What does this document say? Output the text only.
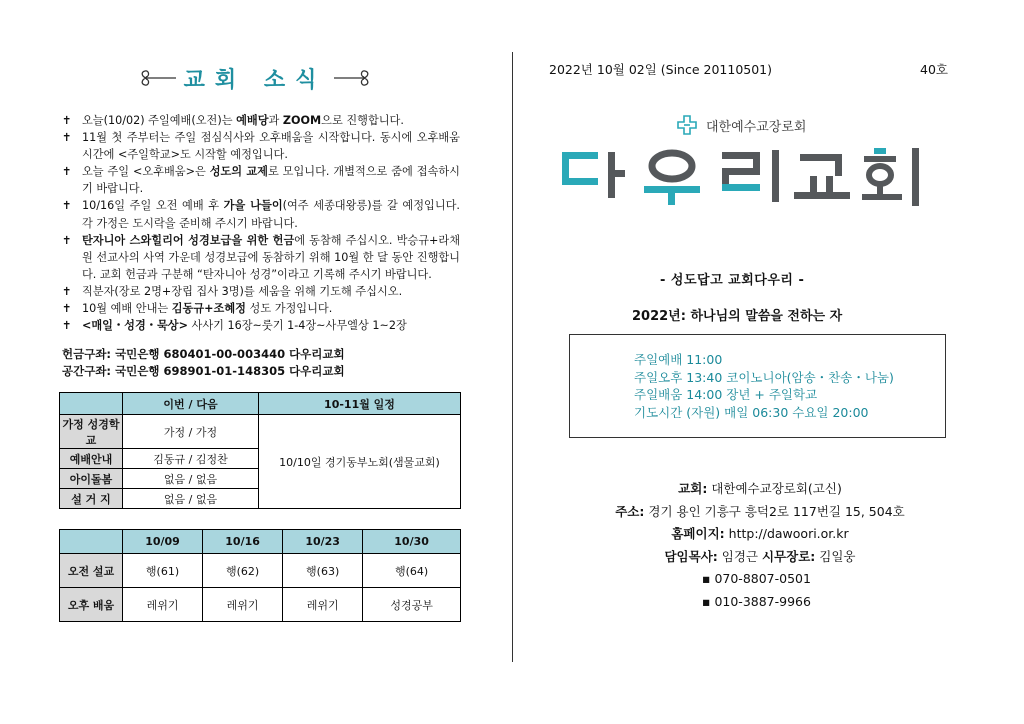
교회 소식
✝ 오늘(10/02) 주일예배(오전)는 예배당과 ZOOM으로 진행합니다.
✝ 11월 첫 주부터는 주일 점심식사와 오후배움을 시작합니다. 동시에 오후배움 시간에 <주일학교>도 시작할 예정입니다.
✝ 오늘 주일 <오후배움>은 성도의 교제로 모입니다. 개별적으로 줌에 접속하시기 바랍니다.
✝ 10/16일 주일 오전 예배 후 가을 나들이(여주 세종대왕릉)를 갈 예정입니다. 각 가정은 도시락을 준비해 주시기 바랍니다.
✝ 탄자니아 스와힐리어 성경보급을 위한 헌금에 동참해 주십시오. 박승규+라채원 선교사의 사역 가운데 성경보급에 동참하기 위해 10월 한 달 동안 진행합니다. 교회 헌금과 구분해 “탄자니아 성경”이라고 기록해 주시기 바랍니다.
✝ 직분자(장로 2명+장립 집사 3명)를 세움을 위해 기도해 주십시오.
✝ 10월 예배 안내는 김동규+조혜정 성도 가정입니다.
✝ <매일・성경・묵상> 사사기 16장~룻기 1-4장~사무엘상 1~2장
헌금구좌: 국민은행 680401-00-003440 다우리교회
공간구좌: 국민은행 698901-01-148305 다우리교회
	이번 / 다음	10-11월 일정
가정 성경학교	가정 / 가정	10/10일 경기동부노회(샘물교회)
예배안내	김동규 / 김정찬	
아이돌봄	없음 / 없음	
설 거 지	없음 / 없음	
	10/09	10/16	10/23	10/30
오전 설교	행(61)	행(62)	행(63)	행(64)
오후 배움	레위기	레위기	레위기	성경공부
2022년 10월 02일 (Since 20110501)	40호
대한예수교장로회
- 성도답고 교회다우리 -
2022년: 하나님의 말씀을 전하는 자
주일예배 11:00
주일오후 13:40 코이노니아(암송・찬송・나눔)
주일배움 14:00 장년 + 주일학교
기도시간 (자원) 매일 06:30 수요일 20:00
교회: 대한예수교장로회(고신)
주소: 경기 용인 기흥구 흥덕2로 117번길 15, 504호
홈페이지: http://dawoori.or.kr
담임목사: 임경근 시무장로: 김일웅
▪ 070-8807-0501
▪ 010-3887-9966
